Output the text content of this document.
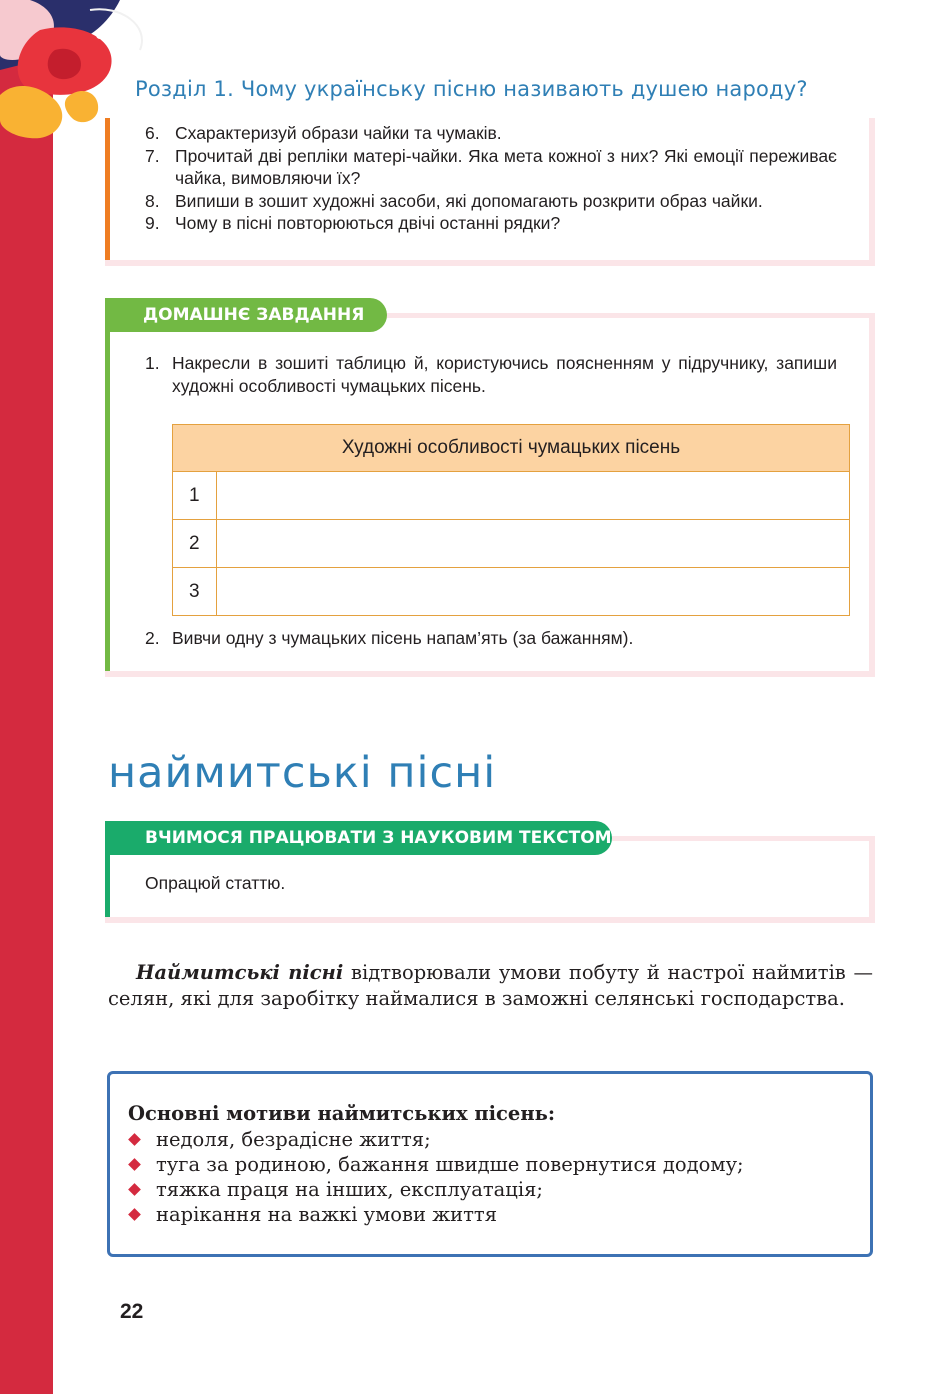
Розділ 1. Чому українську пісню називають душею народу?
6. Схарактеризуй образи чайки та чумаків.
7. Прочитай дві репліки матері-чайки. Яка мета кожної з них? Які емоції переживає чайка, вимовляючи їх?
8. Випиши в зошит художні засоби, які допомагають розкрити образ чайки.
9. Чому в пісні повторюються двічі останні рядки?
ДОМАШНЄ ЗАВДАННЯ
1. Накресли в зошиті таблицю й, користуючись поясненням у підручнику, запиши художні особливості чумацьких пісень.
Художні особливості чумацьких пісень	
1	
2	
3	
2. Вивчи одну з чумацьких пісень напам’ять (за бажанням).
наймитські пісні
ВЧИМОСЯ ПРАЦЮВАТИ З НАУКОВИМ ТЕКСТОМ
Опрацюй статтю.

Наймитські пісні відтворювали умови побуту й настрої наймитів — селян, які для заробітку наймалися в заможні селянські господарства.

Основні мотиви наймитських пісень:
недоля, безрадісне життя;
туга за родиною, бажання швидше повернутися додому;
тяжка праця на інших, експлуатація;
нарікання на важкі умови життя
22
